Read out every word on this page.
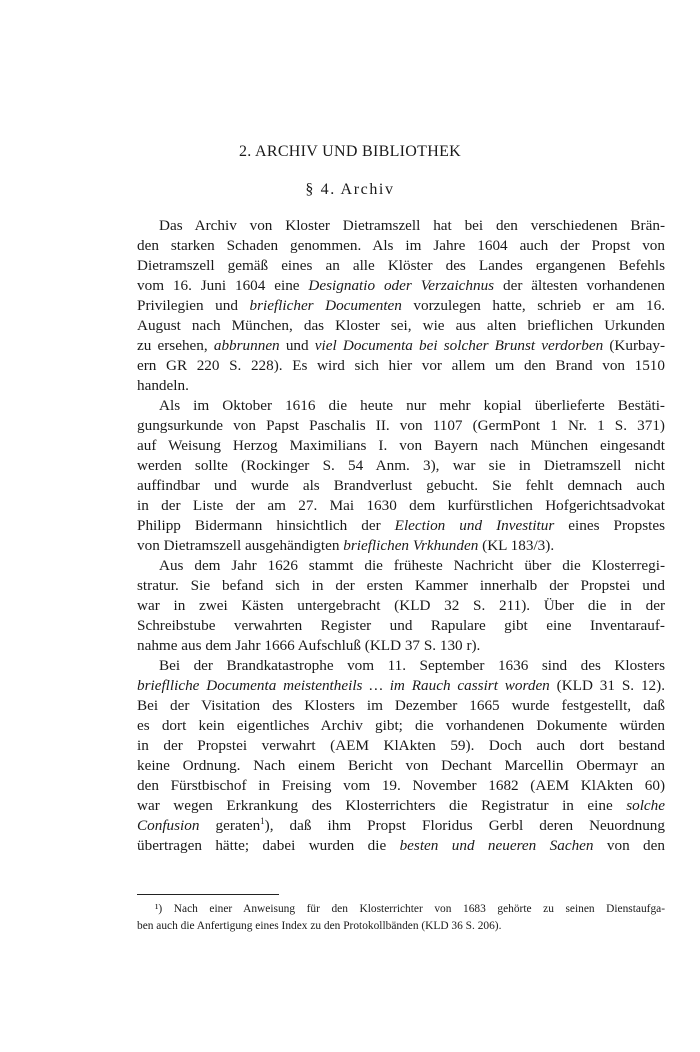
2. ARCHIV UND BIBLIOTHEK
§ 4. Archiv
Das Archiv von Kloster Dietramszell hat bei den verschiedenen Brän-
den starken Schaden genommen. Als im Jahre 1604 auch der Propst von
Dietramszell gemäß eines an alle Klöster des Landes ergangenen Befehls
vom 16. Juni 1604 eine Designatio oder Verzaichnus der ältesten vorhandenen
Privilegien und brieflicher Documenten vorzulegen hatte, schrieb er am 16.
August nach München, das Kloster sei, wie aus alten brieflichen Urkunden
zu ersehen, abbrunnen und viel Documenta bei solcher Brunst verdorben (Kurbay-
ern GR 220 S. 228). Es wird sich hier vor allem um den Brand von 1510
handeln.
Als im Oktober 1616 die heute nur mehr kopial überlieferte Bestäti-
gungsurkunde von Papst Paschalis II. von 1107 (GermPont 1 Nr. 1 S. 371)
auf Weisung Herzog Maximilians I. von Bayern nach München eingesandt
werden sollte (Rockinger S. 54 Anm. 3), war sie in Dietramszell nicht
auffindbar und wurde als Brandverlust gebucht. Sie fehlt demnach auch
in der Liste der am 27. Mai 1630 dem kurfürstlichen Hofgerichtsadvokat
Philipp Bidermann hinsichtlich der Election und Investitur eines Propstes
von Dietramszell ausgehändigten brieflichen Vrkhunden (KL 183/3).
Aus dem Jahr 1626 stammt die früheste Nachricht über die Klosterregi-
stratur. Sie befand sich in der ersten Kammer innerhalb der Propstei und
war in zwei Kästen untergebracht (KLD 32 S. 211). Über die in der
Schreibstube verwahrten Register und Rapulare gibt eine Inventarauf-
nahme aus dem Jahr 1666 Aufschluß (KLD 37 S. 130 r).
Bei der Brandkatastrophe vom 11. September 1636 sind des Klosters
brieflliche Documenta meistentheils … im Rauch cassirt worden (KLD 31 S. 12).
Bei der Visitation des Klosters im Dezember 1665 wurde festgestellt, daß
es dort kein eigentliches Archiv gibt; die vorhandenen Dokumente würden
in der Propstei verwahrt (AEM KlAkten 59). Doch auch dort bestand
keine Ordnung. Nach einem Bericht von Dechant Marcellin Obermayr an
den Fürstbischof in Freising vom 19. November 1682 (AEM KlAkten 60)
war wegen Erkrankung des Klosterrichters die Registratur in eine solche
Confusion geraten$^1$), daß ihm Propst Floridus Gerbl deren Neuordnung
übertragen hätte; dabei wurden die besten und neueren Sachen von den
¹) Nach einer Anweisung für den Klosterrichter von 1683 gehörte zu seinen Dienstaufga-
ben auch die Anfertigung eines Index zu den Protokollbänden (KLD 36 S. 206).
